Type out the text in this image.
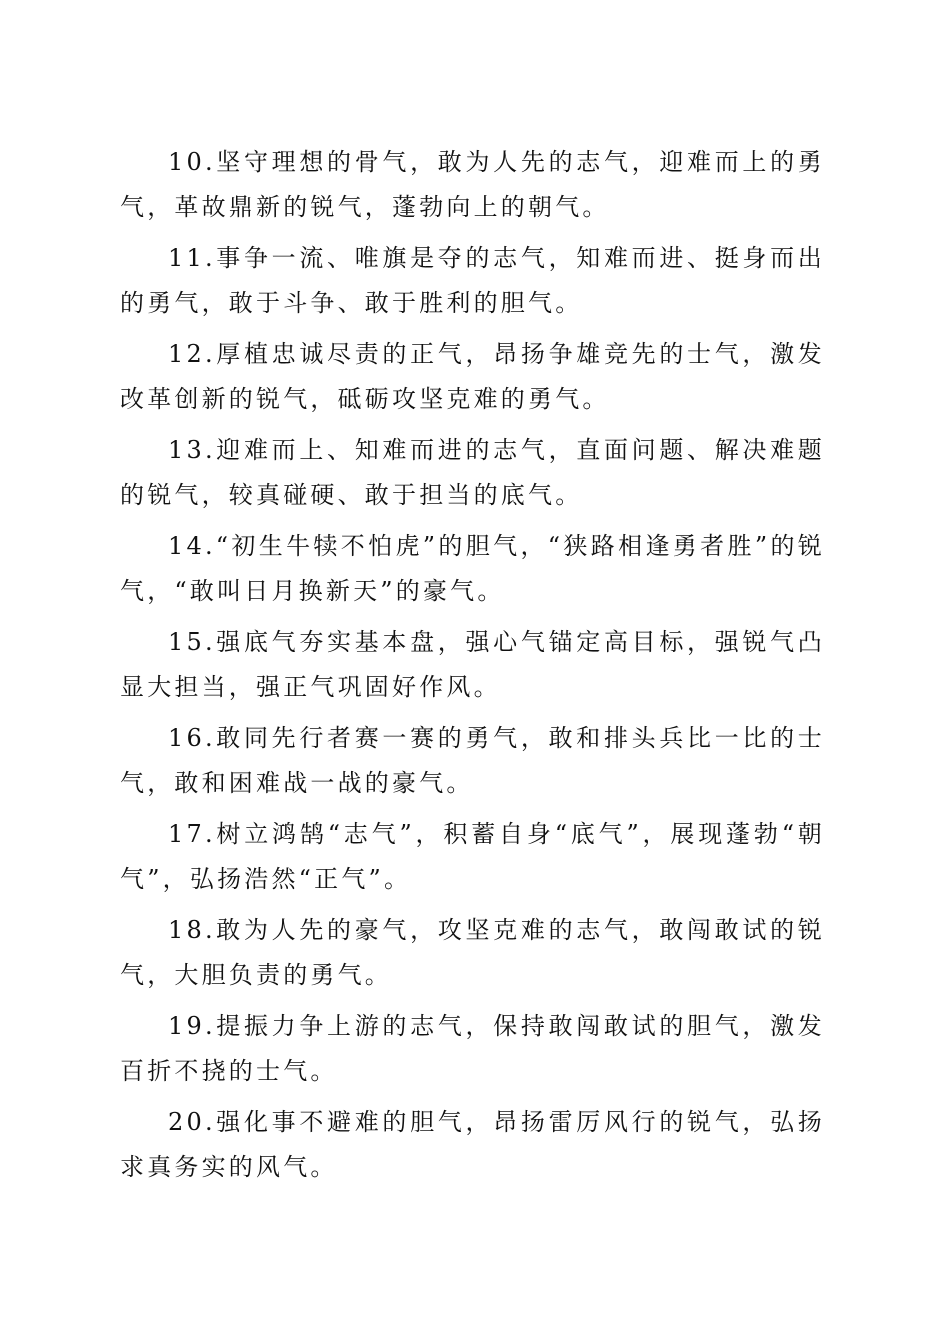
10.坚守理想的骨气，敢为人先的志气，迎难而上的勇气，革故鼎新的锐气，蓬勃向上的朝气。

11.事争一流、唯旗是夺的志气，知难而进、挺身而出的勇气，敢于斗争、敢于胜利的胆气。

12.厚植忠诚尽责的正气，昂扬争雄竞先的士气，激发改革创新的锐气，砥砺攻坚克难的勇气。

13.迎难而上、知难而进的志气，直面问题、解决难题的锐气，较真碰硬、敢于担当的底气。

14.“初生牛犊不怕虎”的胆气，“狭路相逢勇者胜”的锐气，“敢叫日月换新天”的豪气。

15.强底气夯实基本盘，强心气锚定高目标，强锐气凸显大担当，强正气巩固好作风。

16.敢同先行者赛一赛的勇气，敢和排头兵比一比的士气，敢和困难战一战的豪气。

17.树立鸿鹄“志气”，积蓄自身“底气”，展现蓬勃“朝气”，弘扬浩然“正气”。

18.敢为人先的豪气，攻坚克难的志气，敢闯敢试的锐气，大胆负责的勇气。

19.提振力争上游的志气，保持敢闯敢试的胆气，激发百折不挠的士气。

20.强化事不避难的胆气，昂扬雷厉风行的锐气，弘扬求真务实的风气。
